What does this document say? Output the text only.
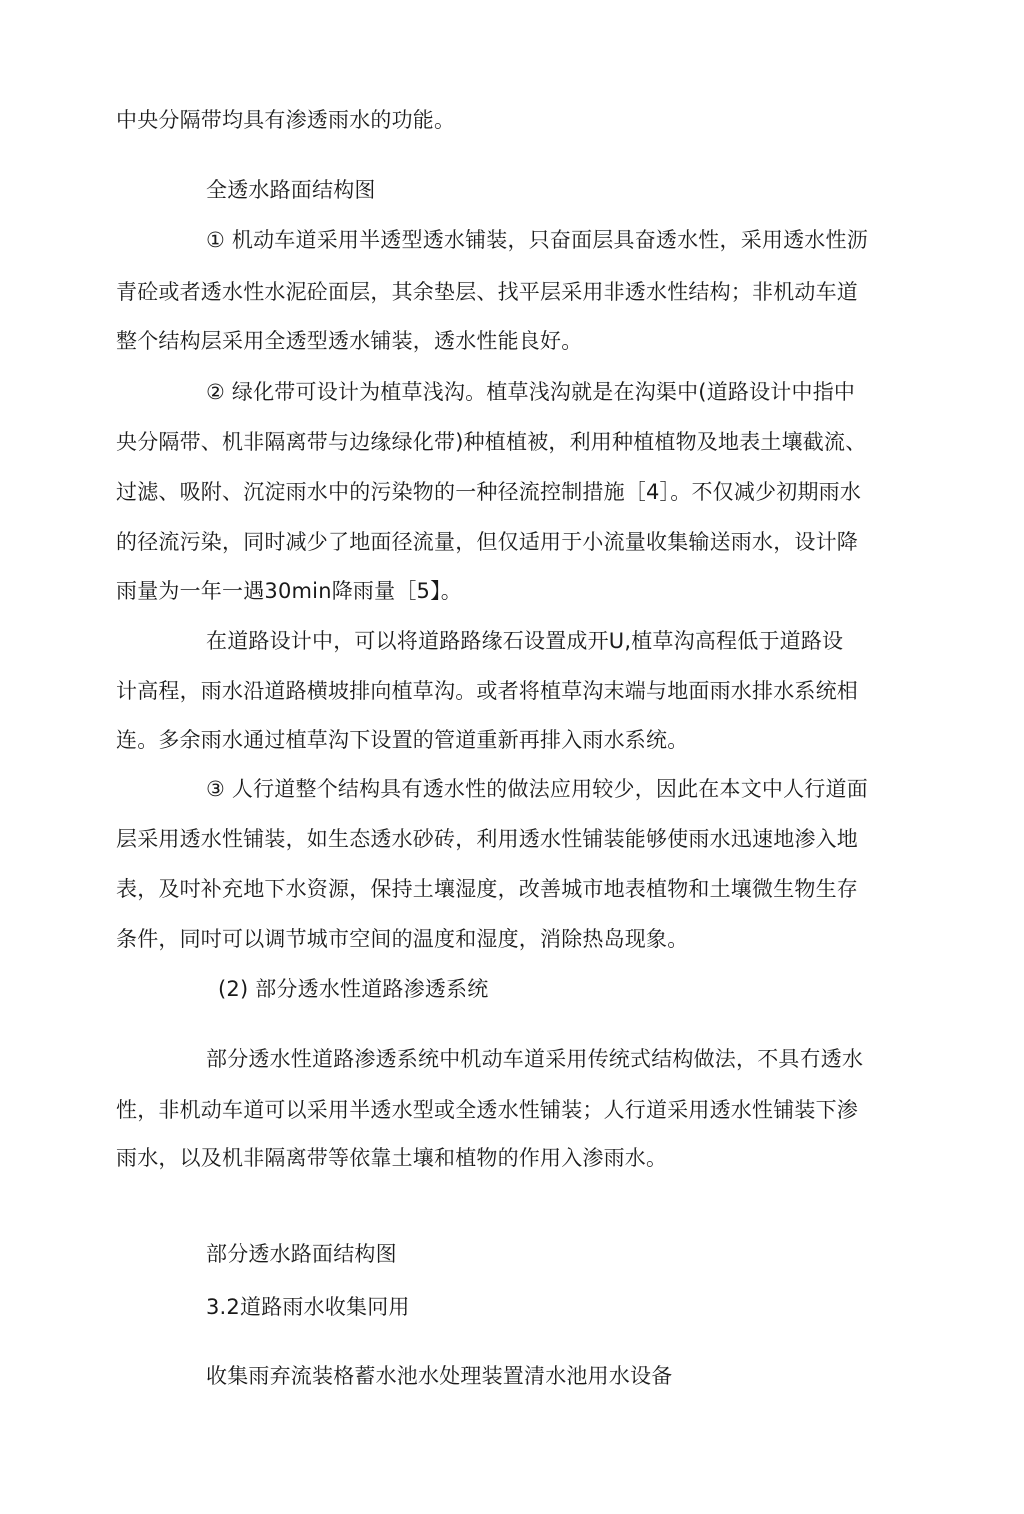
中央分隔带均具有渗透雨水的功能。

全透水路面结构图

① 机动车道采用半透型透水铺装，只奋面层具奋透水性，采用透水性沥

青砼或者透水性水泥砼面层，其余垫层、找平层采用非透水性结构；非机动车道

整个结构层采用全透型透水铺装，透水性能良好。

② 绿化带可设计为植草浅沟。植草浅沟就是在沟渠中(道路设计中指中

央分隔带、机非隔离带与边缘绿化带)种植植被，利用种植植物及地表土壤截流、

过滤、吸附、沉淀雨水中的污染物的一种径流控制措施［4］。不仅减少初期雨水

的径流污染，同时减少了地面径流量，但仅适用于小流量收集输送雨水，设计降

雨量为一年一遇30min降雨量［5】。

在道路设计中，可以将道路路缘石设置成开U,植草沟高程低于道路设

计高程，雨水沿道路横坡排向植草沟。或者将植草沟末端与地面雨水排水系统相

连。多余雨水通过植草沟下设置的管道重新再排入雨水系统。

③ 人行道整个结构具有透水性的做法应用较少，因此在本文中人行道面

层采用透水性铺装，如生态透水砂砖，利用透水性铺装能够使雨水迅速地渗入地

表，及吋补充地下水资源，保持土壤湿度，改善城市地表植物和土壤微生物生存

条件，同吋可以调节城市空间的温度和湿度，消除热岛现象。

(2) 部分透水性道路渗透系统

部分透水性道路渗透系统中机动车道采用传统式结构做法，不具冇透水

性，非机动车道可以采用半透水型或全透水性铺装；人行道采用透水性铺装下渗

雨水，以及机非隔离带等依靠土壤和植物的作用入渗雨水。

部分透水路面结构图

3.2道路雨水收集冋用

收集雨弃流装格蓄水池水处理装置清水池用水设备
